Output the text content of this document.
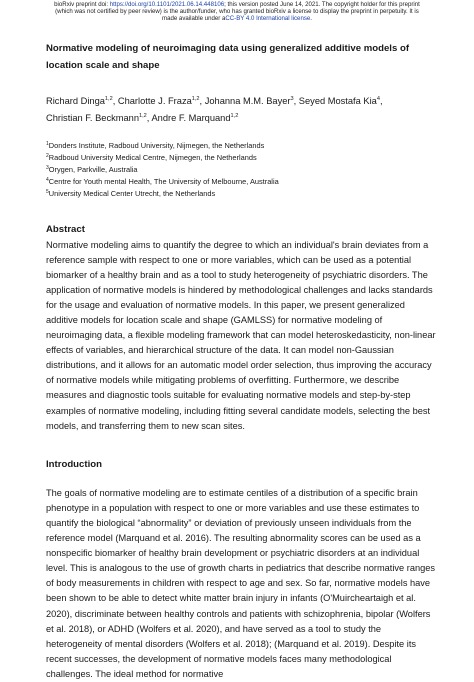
bioRxiv preprint doi: https://doi.org/10.1101/2021.06.14.448106; this version posted June 14, 2021. The copyright holder for this preprint
(which was not certified by peer review) is the author/funder, who has granted bioRxiv a license to display the preprint in perpetuity. It is
made available under aCC-BY 4.0 International license.
Normative modeling of neuroimaging data using generalized additive models of location scale and shape
Richard Dinga$^{1,2}$, Charlotte J. Fraza$^{1,2}$, Johanna M.M. Bayer$^3$, Seyed Mostafa Kia$^4$,
Christian F. Beckmann$^{1,2}$, Andre F. Marquand$^{1,2}$
$^1$Donders Institute, Radboud University, Nijmegen, the Netherlands
$^2$Radboud University Medical Centre, Nijmegen, the Netherlands
$^3$Orygen, Parkville, Australia
$^4$Centre for Youth mental Health, The University of Melbourne, Australia
$^5$University Medical Center Utrecht, the Netherlands
Abstract

Normative modeling aims to quantify the degree to which an individual's brain deviates from a reference sample with respect to one or more variables, which can be used as a potential biomarker of a healthy brain and as a tool to study heterogeneity of psychiatric disorders. The application of normative models is hindered by methodological challenges and lacks standards for the usage and evaluation of normative models. In this paper, we present generalized additive models for location scale and shape (GAMLSS) for normative modeling of neuroimaging data, a flexible modeling framework that can model heteroskedasticity, non-linear effects of variables, and hierarchical structure of the data. It can model non-Gaussian distributions, and it allows for an automatic model order selection, thus improving the accuracy of normative models while mitigating problems of overfitting. Furthermore, we describe measures and diagnostic tools suitable for evaluating normative models and step-by-step examples of normative modeling, including fitting several candidate models, selecting the best models, and transferring them to new scan sites.

Introduction

The goals of normative modeling are to estimate centiles of a distribution of a specific brain phenotype in a population with respect to one or more variables and use these estimates to quantify the biological “abnormality” or deviation of previously unseen individuals from the reference model (Marquand et al. 2016). The resulting abnormality scores can be used as a nonspecific biomarker of healthy brain development or psychiatric disorders at an individual level. This is analogous to the use of growth charts in pediatrics that describe normative ranges of body measurements in children with respect to age and sex. So far, normative models have been shown to be able to detect white matter brain injury in infants (O'Muircheartaigh et al. 2020), discriminate between healthy controls and patients with schizophrenia, bipolar (Wolfers et al. 2018), or ADHD (Wolfers et al. 2020), and have served as a tool to study the heterogeneity of mental disorders (Wolfers et al. 2018); (Marquand et al. 2019). Despite its recent successes, the development of normative models faces many methodological challenges. The ideal method for normative
